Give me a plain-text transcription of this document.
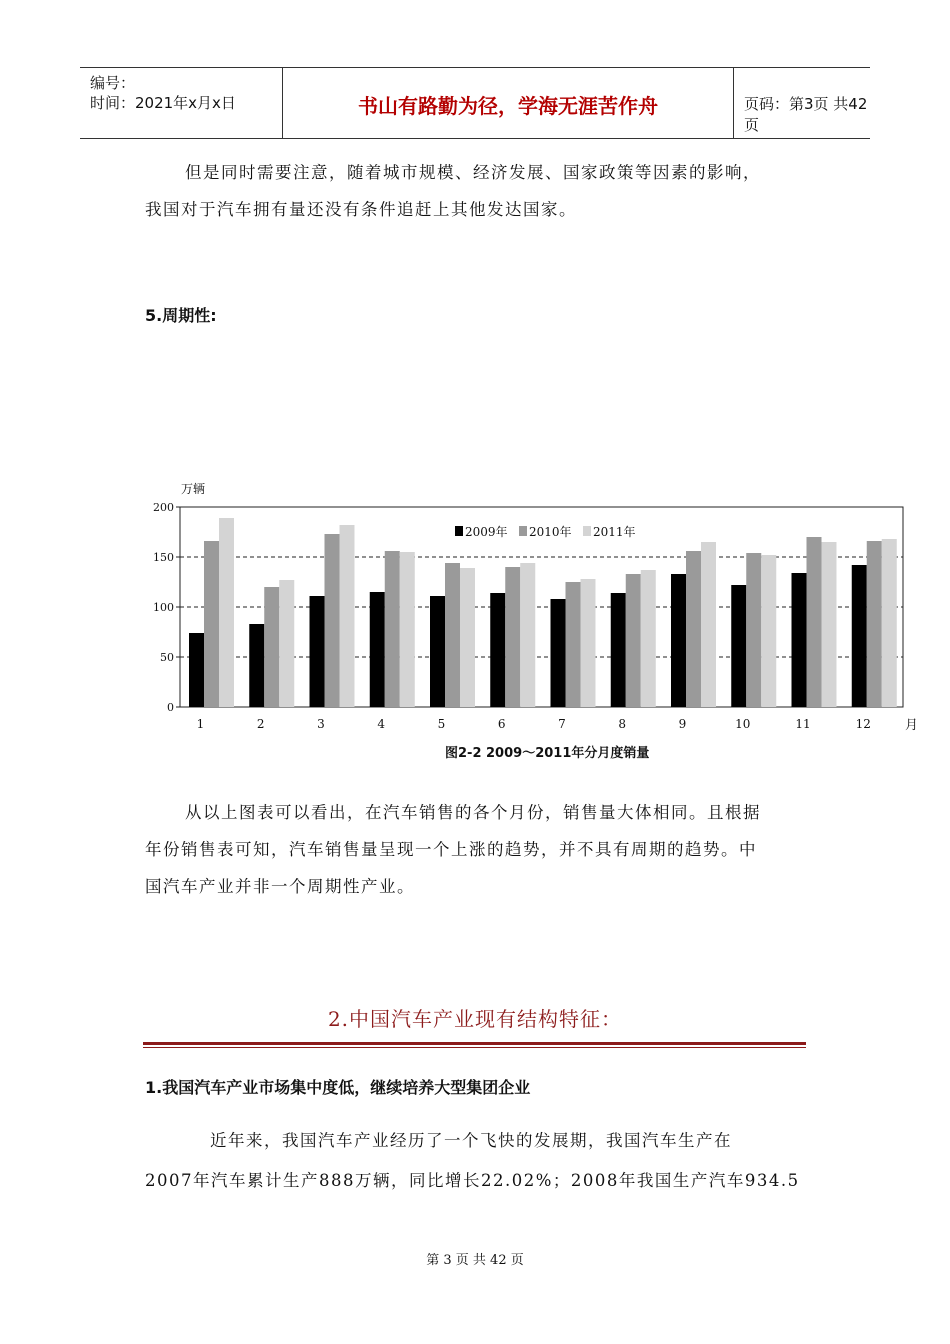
编号：
时间：2021年x月x日	书山有路勤为径，学海无涯苦作舟	页码：第3页 共42页
但是同时需要注意，随着城市规模、经济发展、国家政策等因素的影响，
我国对于汽车拥有量还没有条件追赶上其他发达国家。
5.周期性:
0
50
100
150
200
万辆
1	2	3	4	5	6	7	8	9	10	11	12	月
2009年 2010年 2011年
图2-2 2009～2011年分月度销量
从以上图表可以看出，在汽车销售的各个月份，销售量大体相同。且根据
年份销售表可知，汽车销售量呈现一个上涨的趋势，并不具有周期的趋势。中
国汽车产业并非一个周期性产业。
2.中国汽车产业现有结构特征：
1.我国汽车产业市场集中度低，继续培养大型集团企业
近年来，我国汽车产业经历了一个飞快的发展期，我国汽车生产在
2007年汽车累计生产888万辆，同比增长22.02%；2008年我国生产汽车934.5
第 3 页 共 42 页
